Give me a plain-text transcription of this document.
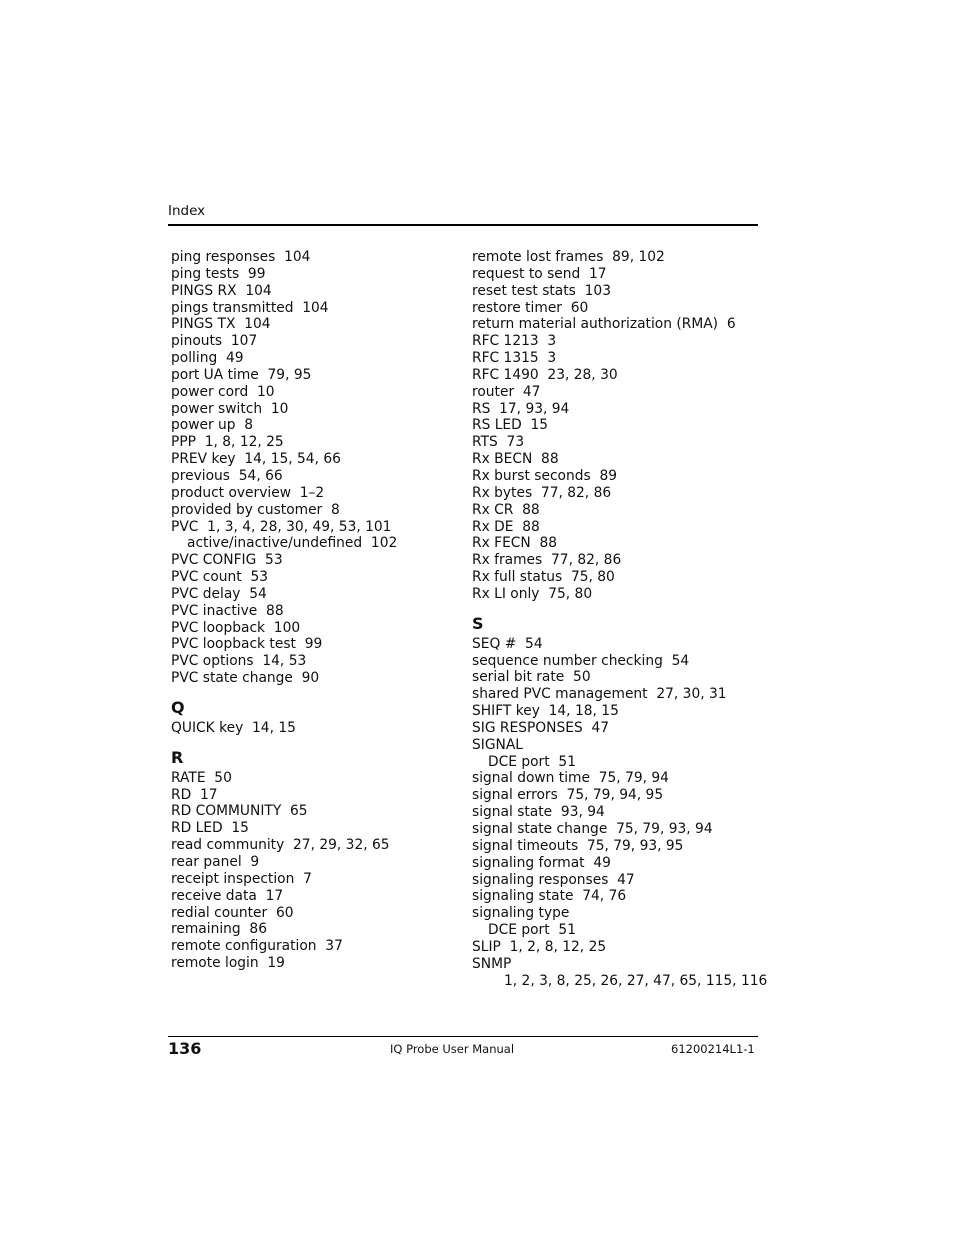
Index
ping responses  104
ping tests  99
PINGS RX  104
pings transmitted  104
PINGS TX  104
pinouts  107
polling  49
port UA time  79, 95
power cord  10
power switch  10
power up  8
PPP  1, 8, 12, 25
PREV key  14, 15, 54, 66
previous  54, 66
product overview  1–2
provided by customer  8
PVC  1, 3, 4, 28, 30, 49, 53, 101
active/inactive/undefined  102
PVC CONFIG  53
PVC count  53
PVC delay  54
PVC inactive  88
PVC loopback  100
PVC loopback test  99
PVC options  14, 53
PVC state change  90
Q
QUICK key  14, 15
R
RATE  50
RD  17
RD COMMUNITY  65
RD LED  15
read community  27, 29, 32, 65
rear panel  9
receipt inspection  7
receive data  17
redial counter  60
remaining  86
remote configuration  37
remote login  19
remote lost frames  89, 102
request to send  17
reset test stats  103
restore timer  60
return material authorization (RMA)  6
RFC 1213  3
RFC 1315  3
RFC 1490  23, 28, 30
router  47
RS  17, 93, 94
RS LED  15
RTS  73
Rx BECN  88
Rx burst seconds  89
Rx bytes  77, 82, 86
Rx CR  88
Rx DE  88
Rx FECN  88
Rx frames  77, 82, 86
Rx full status  75, 80
Rx LI only  75, 80
S
SEQ #  54
sequence number checking  54
serial bit rate  50
shared PVC management  27, 30, 31
SHIFT key  14, 18, 15
SIG RESPONSES  47
SIGNAL
DCE port  51
signal down time  75, 79, 94
signal errors  75, 79, 94, 95
signal state  93, 94
signal state change  75, 79, 93, 94
signal timeouts  75, 79, 93, 95
signaling format  49
signaling responses  47
signaling state  74, 76
signaling type
DCE port  51
SLIP  1, 2, 8, 12, 25
SNMP
1, 2, 3, 8, 25, 26, 27, 47, 65, 115, 116
136	IQ Probe User Manual	61200214L1-1
